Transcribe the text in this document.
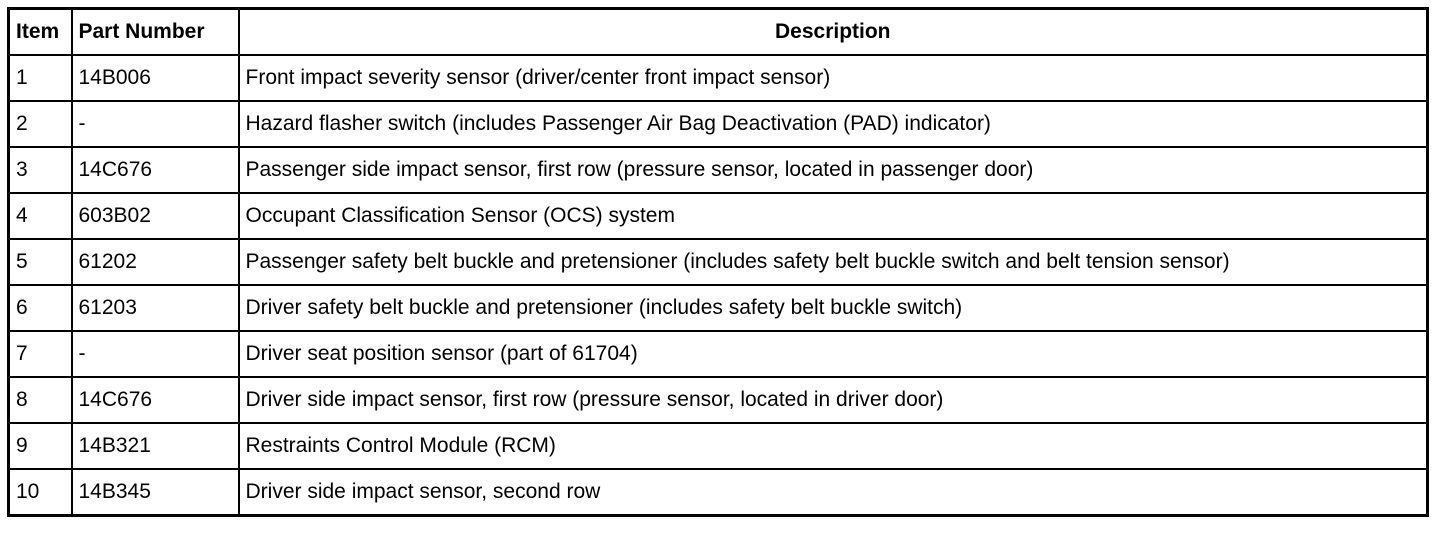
Item	Part Number	Description
1	14B006	Front impact severity sensor (driver/center front impact sensor)
2	-	Hazard flasher switch (includes Passenger Air Bag Deactivation (PAD) indicator)
3	14C676	Passenger side impact sensor, first row (pressure sensor, located in passenger door)
4	603B02	Occupant Classification Sensor (OCS) system
5	61202	Passenger safety belt buckle and pretensioner (includes safety belt buckle switch and belt tension sensor)
6	61203	Driver safety belt buckle and pretensioner (includes safety belt buckle switch)
7	-	Driver seat position sensor (part of 61704)
8	14C676	Driver side impact sensor, first row (pressure sensor, located in driver door)
9	14B321	Restraints Control Module (RCM)
10	14B345	Driver side impact sensor, second row
